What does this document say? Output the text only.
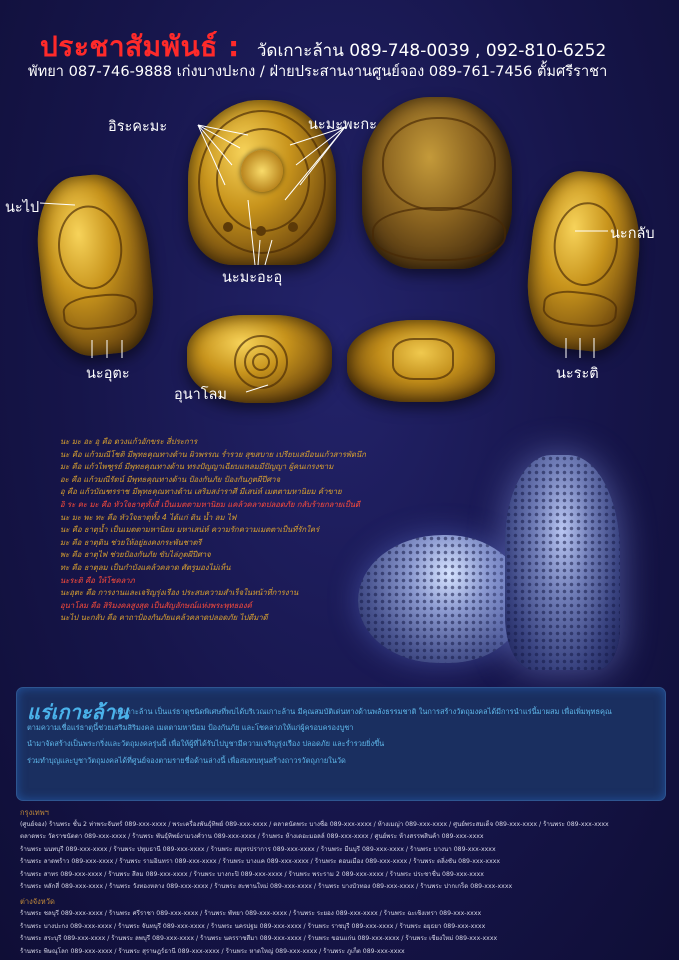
ประชาสัมพันธ์ : วัดเกาะล้าน 089-748-0039 , 092-810-6252
พัทยา 087-746-9888 เก่งบางปะกง / ฝ่ายประสานงานศูนย์จอง 089-761-7456 ตั้มศรีราชา
อิระคะมะ	นะมะพะกะ
นะไป
นะกลับ
นะมะอะอุ
นะอุตะ	นะระติ
อุนาโลม
นะ มะ อะ อุ คือ ดวงแก้วอักขระ สี่ประการ
นะ คือ แก้วมณีโชติ มีพุทธคุณทางด้าน ผิวพรรณ ร่ำรวย สุขสบาย เปรียบเสมือนแก้วสารพัดนึก
มะ คือ แก้วไพฑูรย์ มีพุทธคุณทางด้าน ทรงปัญญาเฉียบแหลมมีปัญญา ผู้คนเกรงขาม
อะ คือ แก้วมณีรัตน์ มีพุทธคุณทางด้าน ป้องกันภัย ป้องกันภูตผีปีศาจ
อุ คือ แก้วบัณฑรราช มีพุทธคุณทางด้าน เสริมสง่าราศี มีเสน่ห์ เมตตามหานิยม ค้าขาย
อิ ระ คะ มะ คือ หัวใจธาตุทั้งสี่ เป็นเมตตามหานิยม แคล้วคลาดปลอดภัย กลับร้ายกลายเป็นดี
นะ มะ พะ ทะ คือ หัวใจธาตุทั้ง 4 ได้แก่ ดิน น้ำ ลม ไฟ
นะ คือ ธาตุน้ำ เป็นเมตตามหานิยม มหาเสน่ห์ ความรักความเมตตาเป็นที่รักใคร่
มะ คือ ธาตุดิน ช่วยให้อยู่ยงคงกระพันชาตรี
พะ คือ ธาตุไฟ ช่วยป้องกันภัย ขับไล่ภูตผีปีศาจ
ทะ คือ ธาตุลม เป็นกำบังแคล้วคลาด ศัตรูมองไม่เห็น
นะระติ คือ ให้โชคลาภ
นะอุตะ คือ การงานและเจริญรุ่งเรือง ประสบความสำเร็จในหน้าที่การงาน
อุนาโลม คือ สิริมงคลสูงสุด เป็นสัญลักษณ์แห่งพระพุทธองค์
นะไป นะกลับ คือ คาถาป้องกันภัยแคล้วคลาดปลอดภัย ไปดีมาดี
แร่เกาะล้าน
แร่เกาะล้าน เป็นแร่ธาตุชนิดพิเศษที่พบได้บริเวณเกาะล้าน มีคุณสมบัติเด่นทางด้านพลังธรรมชาติ ในการสร้างวัตถุมงคลได้มีการนำแร่นี้มาผสม เพื่อเพิ่มพุทธคุณ
ตามความเชื่อแร่ธาตุนี้ช่วยเสริมสิริมงคล เมตตามหานิยม ป้องกันภัย และโชคลาภให้แก่ผู้ครอบครองบูชา
นำมาจัดสร้างเป็นพระกริ่งและวัตถุมงคลรุ่นนี้ เพื่อให้ผู้ที่ได้รับไปบูชามีความเจริญรุ่งเรือง ปลอดภัย และร่ำรวยยิ่งขึ้น
ร่วมทำบุญและบูชาวัตถุมงคลได้ที่ศูนย์จองตามรายชื่อด้านล่างนี้ เพื่อสมทบทุนสร้างถาวรวัตถุภายในวัด
กรุงเทพฯ
(ศูนย์จอง) ร้านพระ ชั้น 2 ท่าพระจันทร์ 089-xxx-xxxx / พระเครื่องพันธุ์ทิพย์ 089-xxx-xxxx / ตลาดนัดพระ บางซื่อ 089-xxx-xxxx / ห้างเมญ่า 089-xxx-xxxx / ศูนย์พระสมเด็จ 089-xxx-xxxx / ร้านพระ 089-xxx-xxxx
ตลาดพระ วัดราชนัดดา 089-xxx-xxxx / ร้านพระ พันธุ์ทิพย์งามวงศ์วาน 089-xxx-xxxx / ร้านพระ ห้างเดอะมอลล์ 089-xxx-xxxx / ศูนย์พระ ห้างสรรพสินค้า 089-xxx-xxxx
ร้านพระ นนทบุรี 089-xxx-xxxx / ร้านพระ ปทุมธานี 089-xxx-xxxx / ร้านพระ สมุทรปราการ 089-xxx-xxxx / ร้านพระ มีนบุรี 089-xxx-xxxx / ร้านพระ บางนา 089-xxx-xxxx
ร้านพระ ลาดพร้าว 089-xxx-xxxx / ร้านพระ รามอินทรา 089-xxx-xxxx / ร้านพระ บางแค 089-xxx-xxxx / ร้านพระ ดอนเมือง 089-xxx-xxxx / ร้านพระ ตลิ่งชัน 089-xxx-xxxx
ร้านพระ สาทร 089-xxx-xxxx / ร้านพระ สีลม 089-xxx-xxxx / ร้านพระ บางกะปิ 089-xxx-xxxx / ร้านพระ พระราม 2 089-xxx-xxxx / ร้านพระ ประชาชื่น 089-xxx-xxxx
ร้านพระ หลักสี่ 089-xxx-xxxx / ร้านพระ วังทองหลาง 089-xxx-xxxx / ร้านพระ สะพานใหม่ 089-xxx-xxxx / ร้านพระ บางบัวทอง 089-xxx-xxxx / ร้านพระ ปากเกร็ด 089-xxx-xxxx
ต่างจังหวัด
ร้านพระ ชลบุรี 089-xxx-xxxx / ร้านพระ ศรีราชา 089-xxx-xxxx / ร้านพระ พัทยา 089-xxx-xxxx / ร้านพระ ระยอง 089-xxx-xxxx / ร้านพระ ฉะเชิงเทรา 089-xxx-xxxx
ร้านพระ บางปะกง 089-xxx-xxxx / ร้านพระ จันทบุรี 089-xxx-xxxx / ร้านพระ นครปฐม 089-xxx-xxxx / ร้านพระ ราชบุรี 089-xxx-xxxx / ร้านพระ อยุธยา 089-xxx-xxxx
ร้านพระ สระบุรี 089-xxx-xxxx / ร้านพระ ลพบุรี 089-xxx-xxxx / ร้านพระ นครราชสีมา 089-xxx-xxxx / ร้านพระ ขอนแก่น 089-xxx-xxxx / ร้านพระ เชียงใหม่ 089-xxx-xxxx
ร้านพระ พิษณุโลก 089-xxx-xxxx / ร้านพระ สุราษฎร์ธานี 089-xxx-xxxx / ร้านพระ หาดใหญ่ 089-xxx-xxxx / ร้านพระ ภูเก็ต 089-xxx-xxxx
